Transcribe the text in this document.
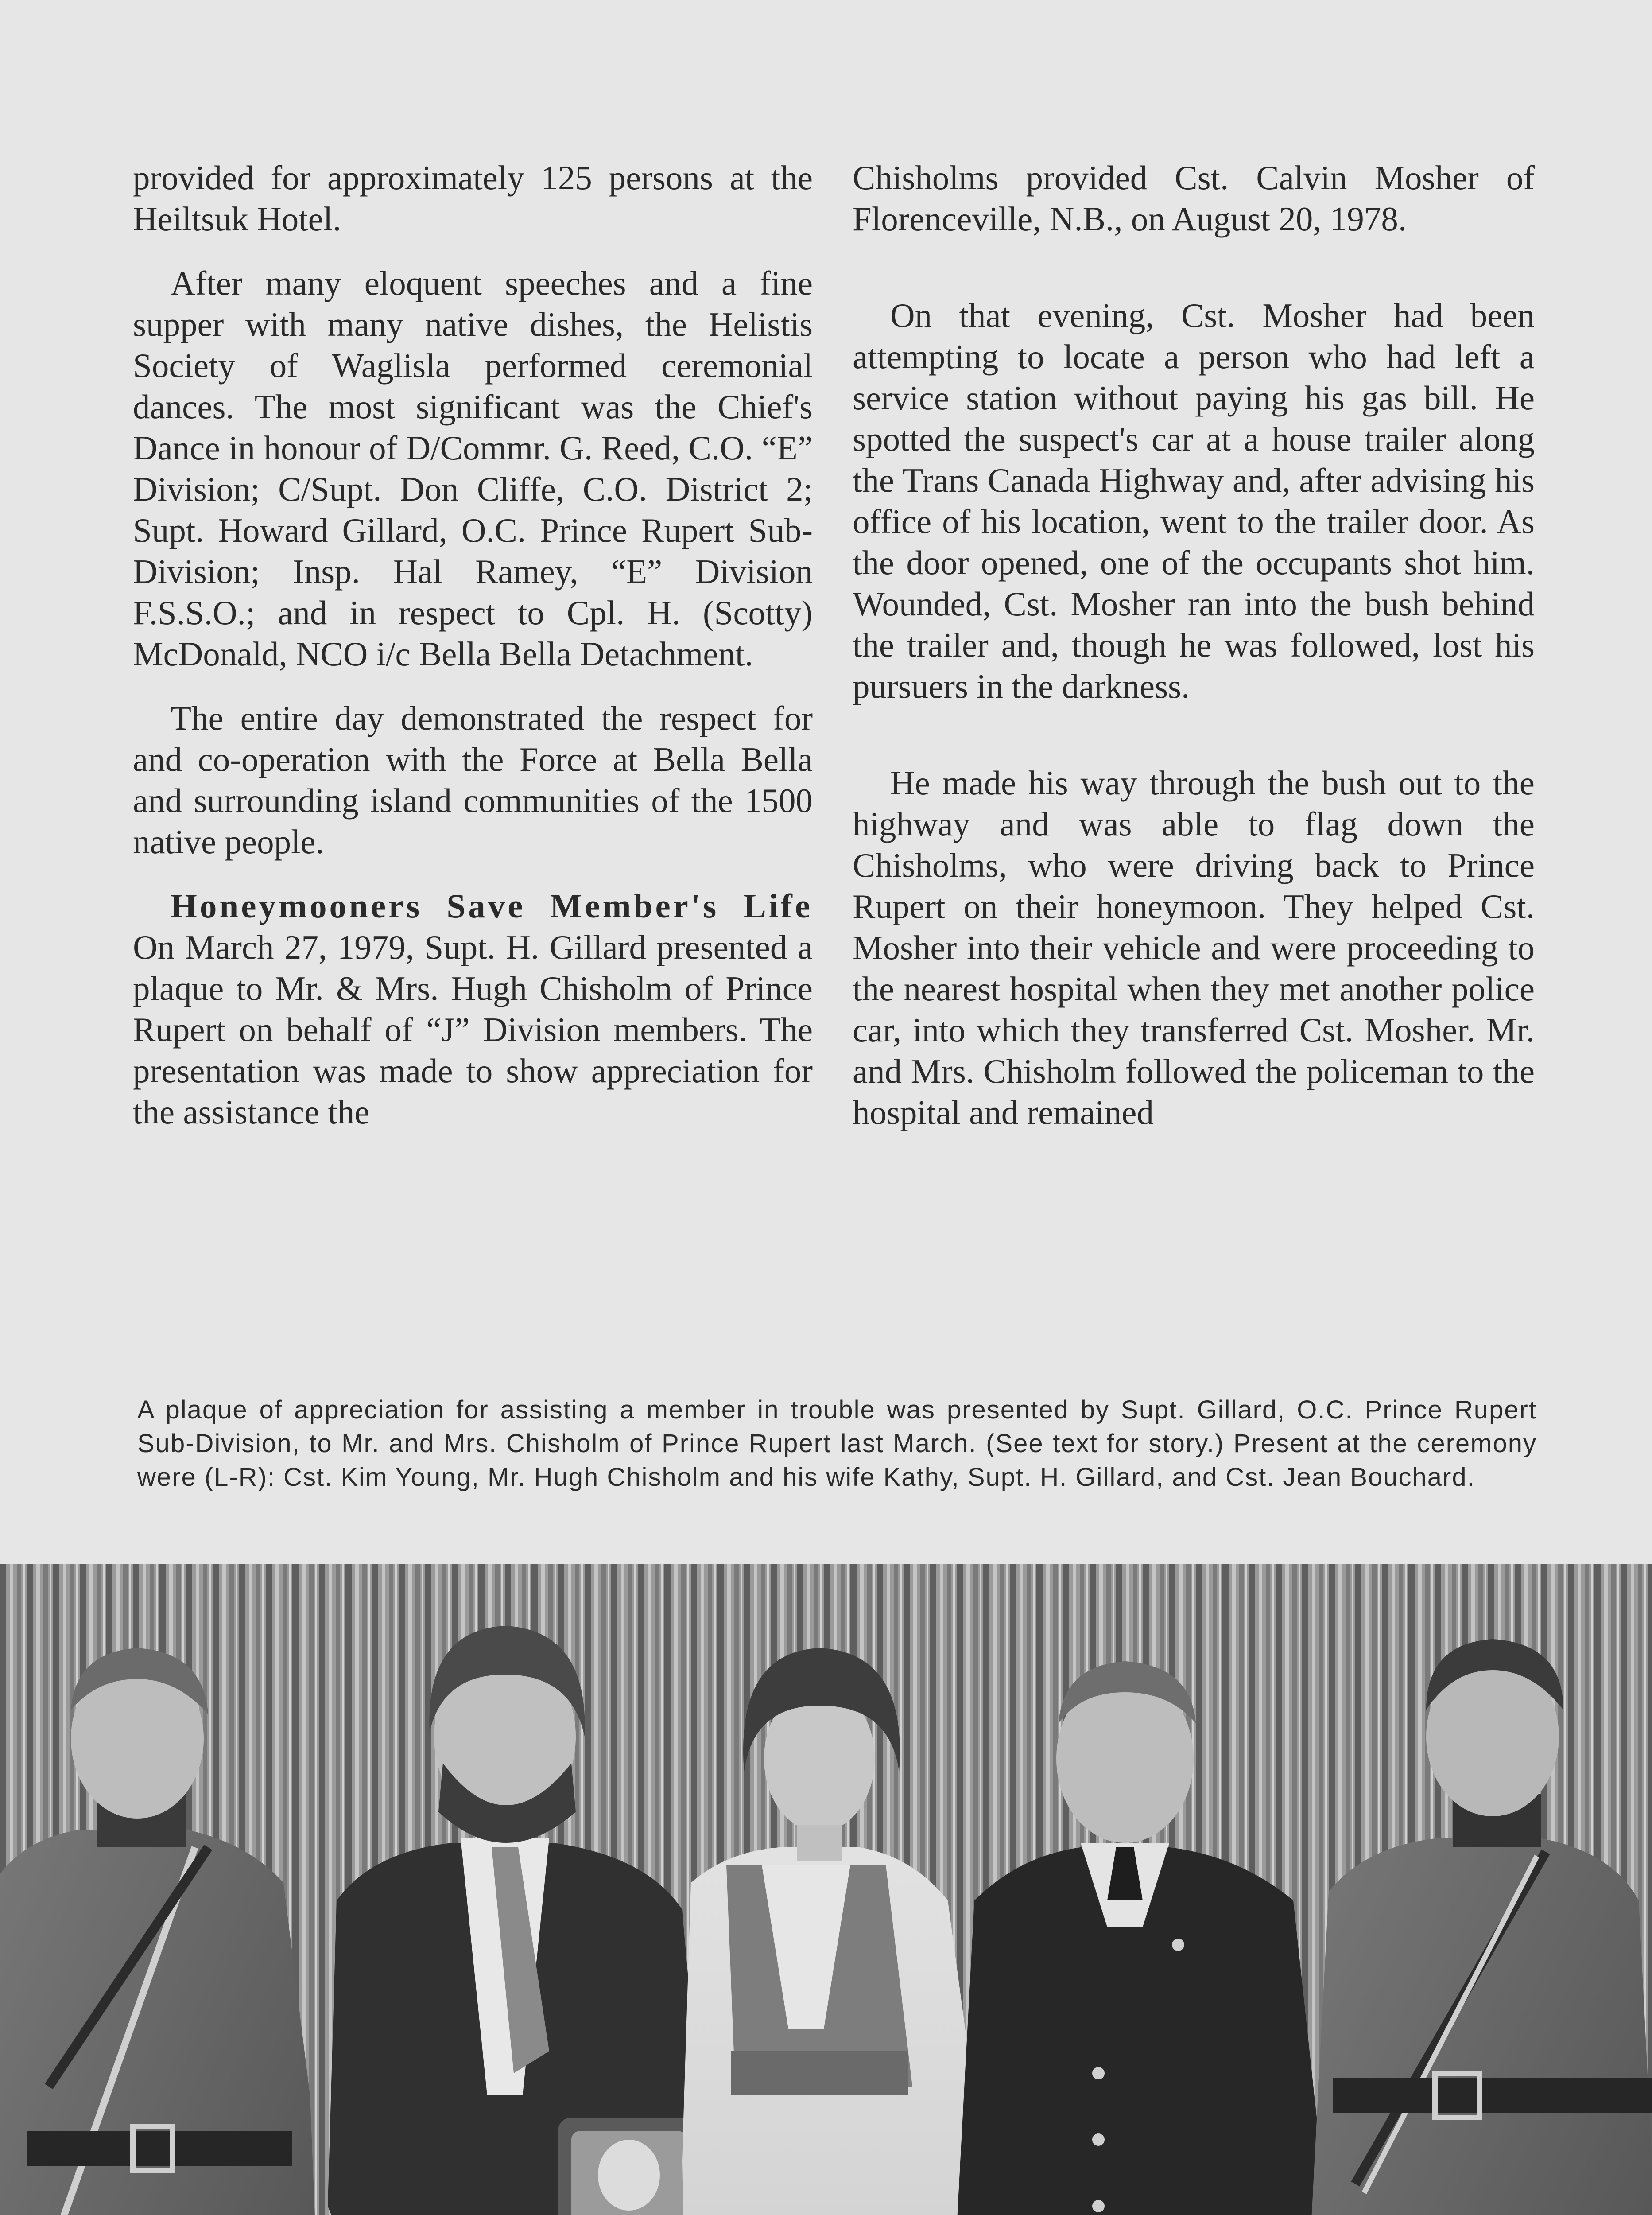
provided for approximately 125 persons at the Heiltsuk Hotel.

After many eloquent speeches and a fine supper with many native dishes, the Helistis Society of Waglisla performed ceremonial dances. The most significant was the Chief's Dance in honour of D/Commr. G. Reed, C.O. “E” Division; C/Supt. Don Cliffe, C.O. District 2; Supt. Howard Gillard, O.C. Prince Rupert Sub-Division; Insp. Hal Ramey, “E” Division F.S.S.O.; and in respect to Cpl. H. (Scotty) McDonald, NCO i/c Bella Bella Detachment.

The entire day demonstrated the respect for and co-operation with the Force at Bella Bella and surrounding island communities of the 1500 native people.

Honeymooners Save Member's Life On March 27, 1979, Supt. H. Gillard presented a plaque to Mr. & Mrs. Hugh Chisholm of Prince Rupert on behalf of “J” Division members. The presentation was made to show appreciation for the assistance the

Chisholms provided Cst. Calvin Mosher of Florenceville, N.B., on August 20, 1978.

On that evening, Cst. Mosher had been attempting to locate a person who had left a service station without paying his gas bill. He spotted the suspect's car at a house trailer along the Trans Canada Highway and, after advising his office of his location, went to the trailer door. As the door opened, one of the occupants shot him. Wounded, Cst. Mosher ran into the bush behind the trailer and, though he was followed, lost his pursuers in the darkness.

He made his way through the bush out to the highway and was able to flag down the Chisholms, who were driving back to Prince Rupert on their honeymoon. They helped Cst. Mosher into their vehicle and were proceeding to the nearest hospital when they met another police car, into which they transferred Cst. Mosher. Mr. and Mrs. Chisholm followed the policeman to the hospital and remained

A plaque of appreciation for assisting a member in trouble was presented by Supt. Gillard, O.C. Prince Rupert Sub-Division, to Mr. and Mrs. Chisholm of Prince Rupert last March. (See text for story.) Present at the ceremony were (L-R): Cst. Kim Young, Mr. Hugh Chisholm and his wife Kathy, Supt. H. Gillard, and Cst. Jean Bouchard.
